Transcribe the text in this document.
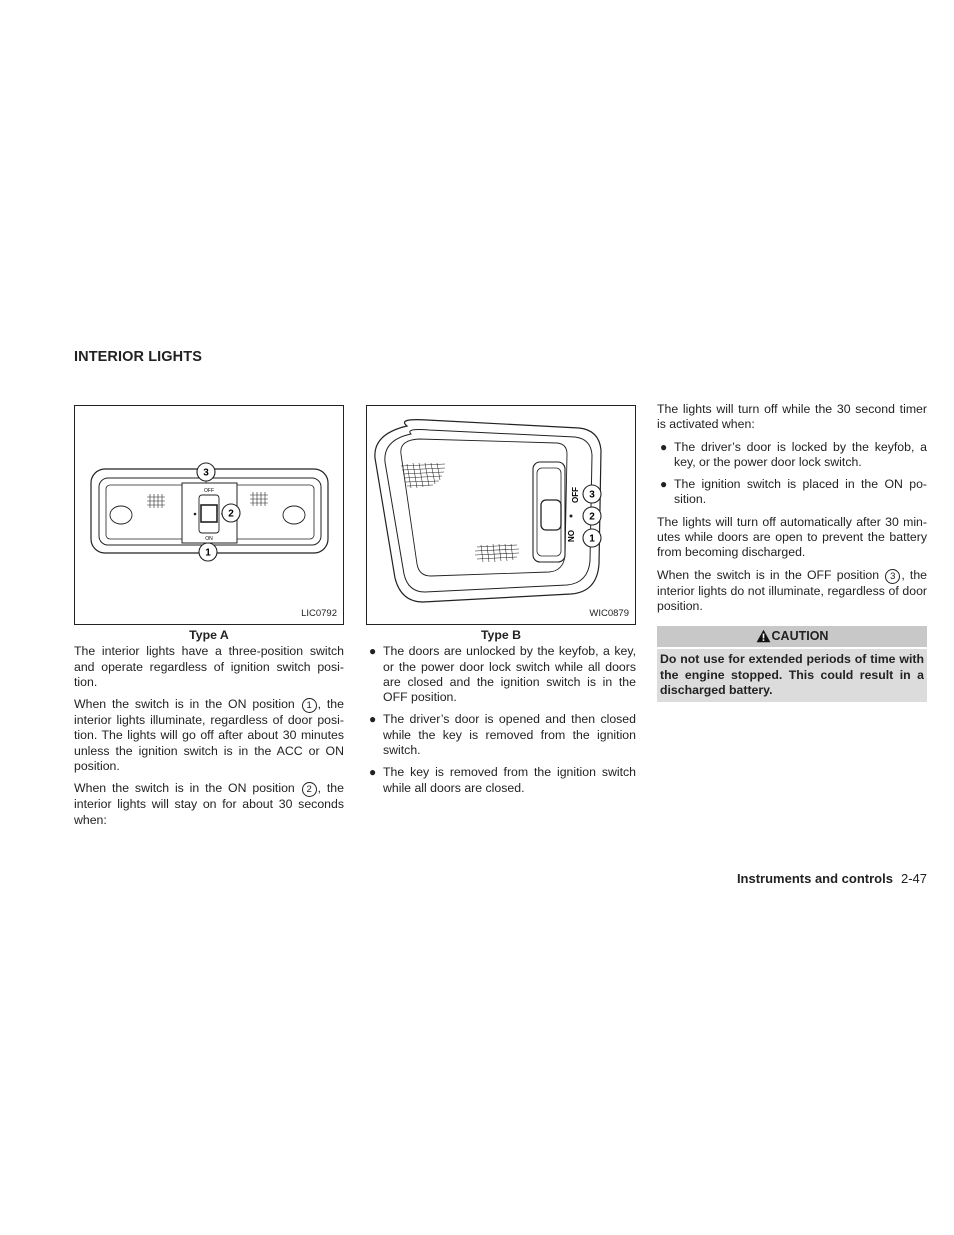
INTERIOR LIGHTS
OFF
ON
3
2
1
LIC0792
Type A

The interior lights have a three-position switch and operate regardless of ignition switch posi-tion.

When the switch is in the ON position 1 , the interior lights illuminate, regardless of door posi-tion. The lights will go off after about 30 minutes unless the ignition switch is in the ACC or ON position.

When the switch is in the ON position 2 , the interior lights will stay on for about 30 seconds when:

OFF
ON
3
2
1
WIC0879
Type B
● The doors are unlocked by the keyfob, a key, or the power door lock switch while all doors are closed and the ignition switch is in the OFF position.
● The driver’s door is opened and then closed while the key is removed from the ignition switch.
● The key is removed from the ignition switch while all doors are closed.

The lights will turn off while the 30 second timer is activated when:

● The driver’s door is locked by the keyfob, a key, or the power door lock switch.
● The ignition switch is placed in the ON po-sition.

The lights will turn off automatically after 30 min-utes while doors are open to prevent the battery from becoming discharged.

When the switch is in the OFF position 3 , the interior lights do not illuminate, regardless of door position.

CAUTION
Do not use for extended periods of time with the engine stopped. This could result in a discharged battery.
Instruments and controls 2-47
